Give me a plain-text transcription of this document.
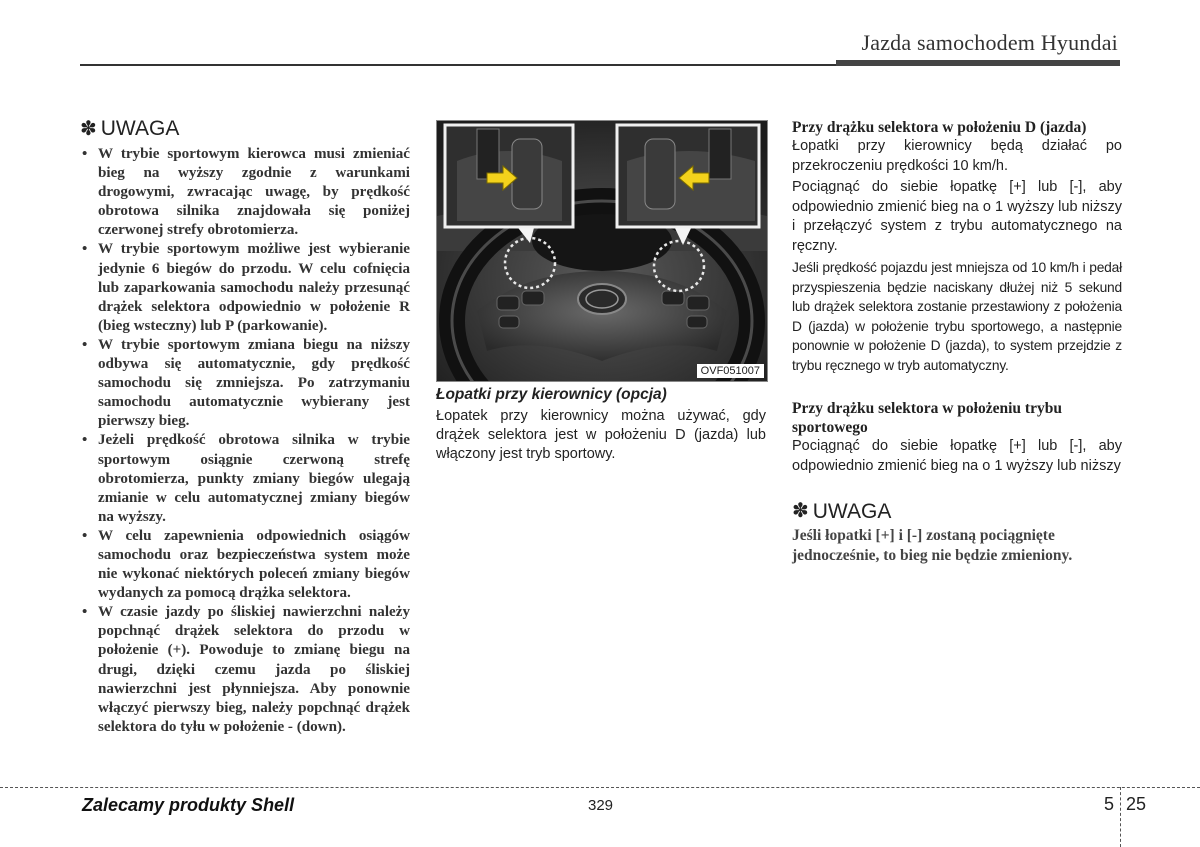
Jazda samochodem Hyundai
✽ UWAGA
• W trybie sportowym kierowca musi zmieniać bieg na wyższy zgodnie z warunkami drogowymi, zwracając uwagę, by prędkość obrotowa silnika znajdowała się poniżej czerwonej strefy obrotomierza.
• W trybie sportowym możliwe jest wybieranie jedynie 6 biegów do przodu. W celu cofnięcia lub zaparkowania samochodu należy przesunąć drążek selektora odpowiednio w położenie R (bieg wsteczny) lub P (parkowanie).
• W trybie sportowym zmiana biegu na niższy odbywa się automatycznie, gdy prędkość samochodu się zmniejsza. Po zatrzymaniu samochodu automatycznie wybierany jest pierwszy bieg.
• Jeżeli prędkość obrotowa silnika w trybie sportowym osiągnie czerwoną strefę obrotomierza, punkty zmiany biegów ulegają zmianie w celu automatycznej zmiany biegów na wyższy.
• W celu zapewnienia odpowiednich osiągów samochodu oraz bezpieczeństwa system może nie wykonać niektórych poleceń zmiany biegów wydanych za pomocą drążka selektora.
• W czasie jazdy po śliskiej nawierzchni należy popchnąć drążek selektora do przodu w położenie (+). Powoduje to zmianę biegu na drugi, dzięki czemu jazda po śliskiej nawierzchni jest płynniejsza. Aby ponownie włączyć pierwszy bieg, należy popchnąć drążek selektora do tyłu w położenie - (down).
OVF051007
Łopatki przy kierownicy (opcja)
Łopatek przy kierownicy można używać, gdy drążek selektora jest w położeniu D (jazda) lub włączony jest tryb sportowy.

Przy drążku selektora w położeniu D (jazda)

Łopatki przy kierownicy będą działać po przekroczeniu prędkości 10 km/h.

Pociągnąć do siebie łopatkę [+] lub [-], aby odpowiednio zmienić bieg na o 1 wyższy lub niższy i przełączyć system z trybu automatycznego na ręczny.

Jeśli prędkość pojazdu jest mniejsza od 10 km/h i pedał przyspieszenia będzie naciskany dłużej niż 5 sekund lub drążek selektora zostanie przestawiony z położenia D (jazda) w położenie trybu sportowego, a następnie ponownie w położenie D (jazda), to system przejdzie z trybu ręcznego w tryb automatyczny.

Przy drążku selektora w położeniu trybu sportowego

Pociągnąć do siebie łopatkę [+] lub [-], aby odpowiednio zmienić bieg na o 1 wyższy lub niższy

✽ UWAGA

Jeśli łopatki [+] i [-] zostaną pociągnięte jednocześnie, to bieg nie będzie zmieniony.

Zalecamy produkty Shell	329	5 25
